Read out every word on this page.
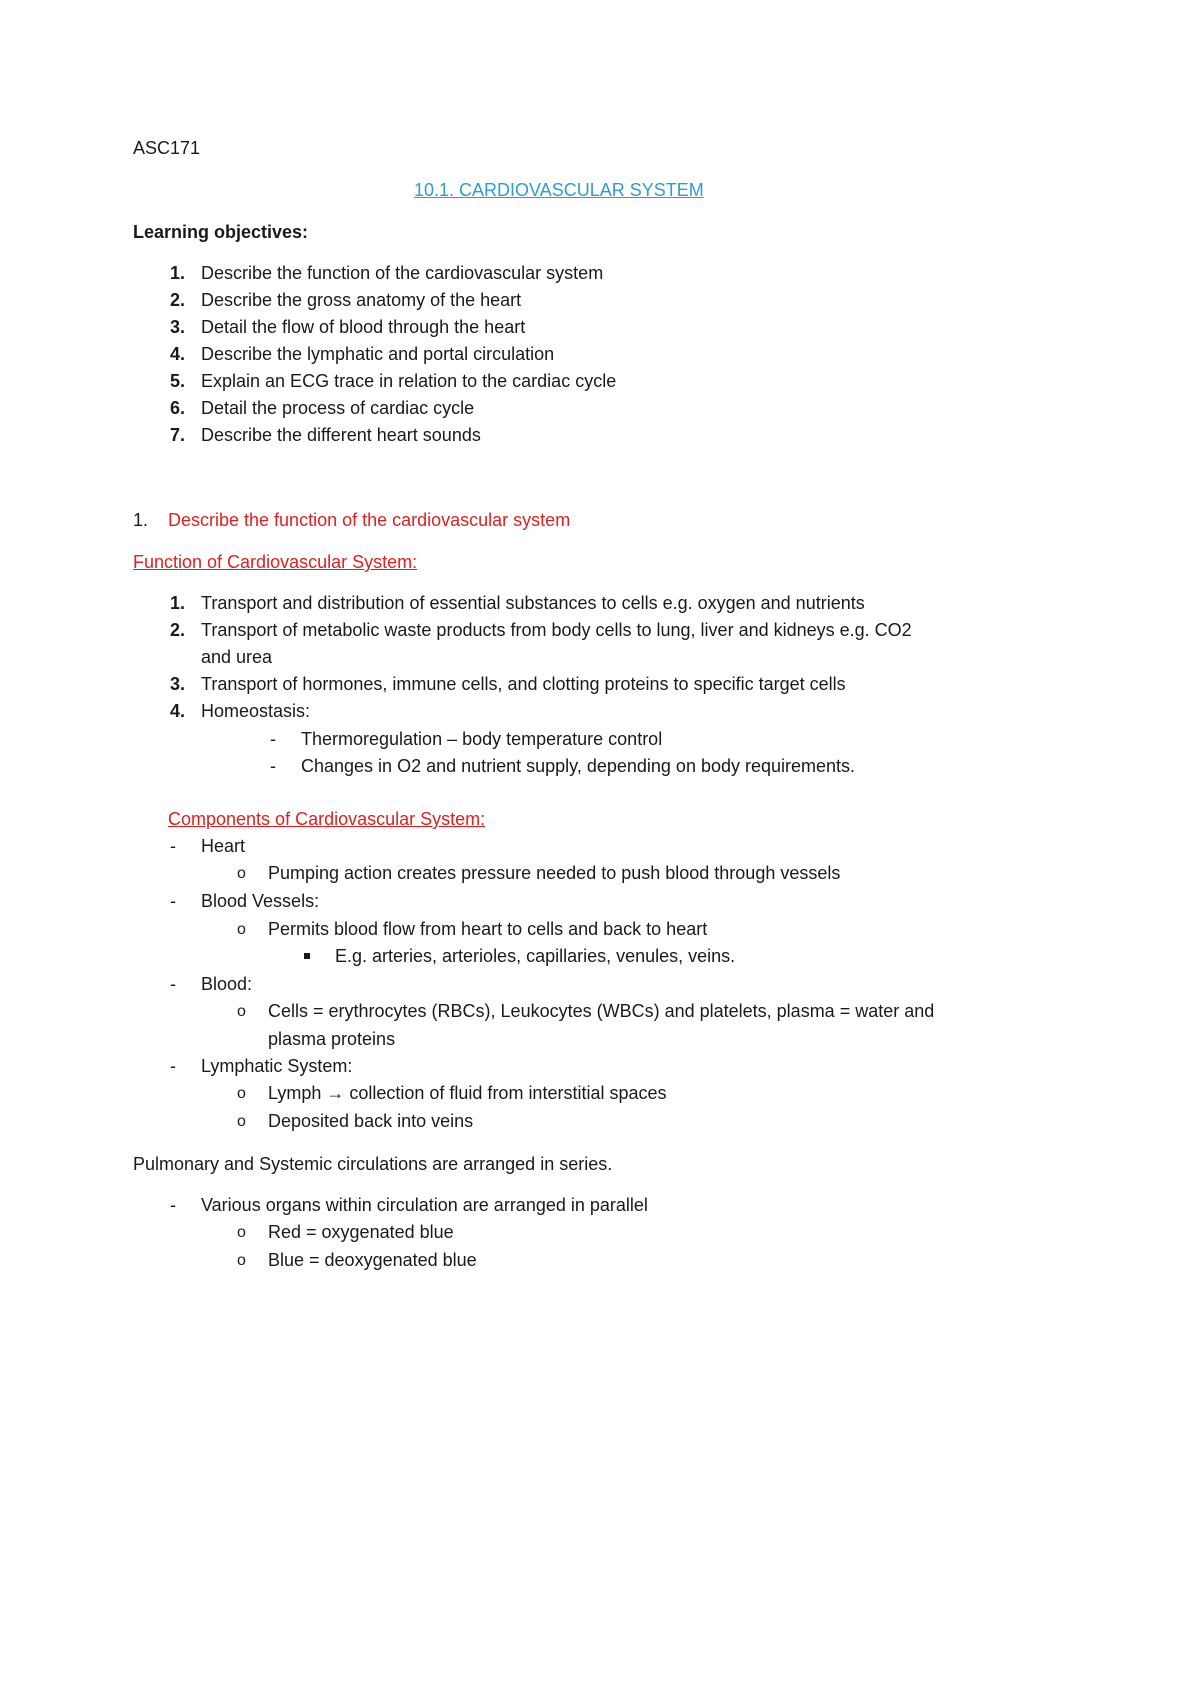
ASC171
10.1. CARDIOVASCULAR SYSTEM
Learning objectives:
1. Describe the function of the cardiovascular system
2. Describe the gross anatomy of the heart
3. Detail the flow of blood through the heart
4. Describe the lymphatic and portal circulation
5. Explain an ECG trace in relation to the cardiac cycle
6. Detail the process of cardiac cycle
7. Describe the different heart sounds
1. Describe the function of the cardiovascular system
Function of Cardiovascular System:
1. Transport and distribution of essential substances to cells e.g. oxygen and nutrients
2. Transport of metabolic waste products from body cells to lung, liver and kidneys e.g. CO2
and urea
3. Transport of hormones, immune cells, and clotting proteins to specific target cells
4. Homeostasis:
- Thermoregulation – body temperature control
- Changes in O2 and nutrient supply, depending on body requirements.
Components of Cardiovascular System:
- Heart
o Pumping action creates pressure needed to push blood through vessels
- Blood Vessels:
o Permits blood flow from heart to cells and back to heart
E.g. arteries, arterioles, capillaries, venules, veins.
- Blood:
o Cells = erythrocytes (RBCs), Leukocytes (WBCs) and platelets, plasma = water and
plasma proteins
- Lymphatic System:
o Lymph → collection of fluid from interstitial spaces
o Deposited back into veins
Pulmonary and Systemic circulations are arranged in series.
- Various organs within circulation are arranged in parallel
o Red = oxygenated blue
o Blue = deoxygenated blue
